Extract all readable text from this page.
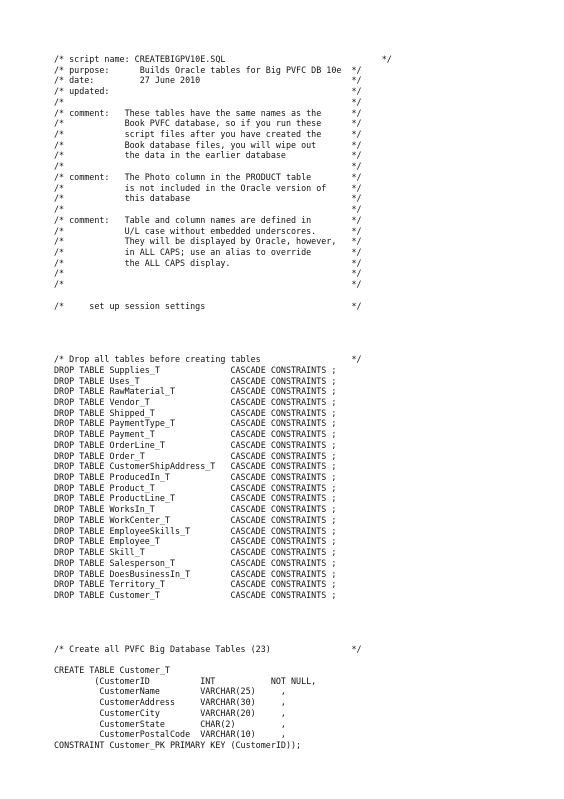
/* script name: CREATEBIGPV10E.SQL                               */
/* purpose:      Builds Oracle tables for Big PVFC DB 10e  */
/* date:         27 June 2010                              */
/* updated:                                                */
/*                                                         */
/* comment:   These tables have the same names as the      */
/*            Book PVFC database, so if you run these      */
/*            script files after you have created the      */
/*            Book database files, you will wipe out       */
/*            the data in the earlier database             */
/*                                                         */
/* comment:   The Photo column in the PRODUCT table        */
/*            is not included in the Oracle version of     */
/*            this database                                */
/*                                                         */
/* comment:   Table and column names are defined in        */
/*            U/L case without embedded underscores.       */
/*            They will be displayed by Oracle, however,   */
/*            in ALL CAPS; use an alias to override        */
/*            the ALL CAPS display.                        */
/*                                                         */
/*                                                         */
/*     set up session settings                             */
/* Drop all tables before creating tables                  */
DROP TABLE Supplies_T              CASCADE CONSTRAINTS ;
DROP TABLE Uses_T                  CASCADE CONSTRAINTS ;
DROP TABLE RawMaterial_T           CASCADE CONSTRAINTS ;
DROP TABLE Vendor_T                CASCADE CONSTRAINTS ;
DROP TABLE Shipped_T               CASCADE CONSTRAINTS ;
DROP TABLE PaymentType_T           CASCADE CONSTRAINTS ;
DROP TABLE Payment_T               CASCADE CONSTRAINTS ;
DROP TABLE OrderLine_T             CASCADE CONSTRAINTS ;
DROP TABLE Order_T                 CASCADE CONSTRAINTS ;
DROP TABLE CustomerShipAddress_T   CASCADE CONSTRAINTS ;
DROP TABLE ProducedIn_T            CASCADE CONSTRAINTS ;
DROP TABLE Product_T               CASCADE CONSTRAINTS ;
DROP TABLE ProductLine_T           CASCADE CONSTRAINTS ;
DROP TABLE WorksIn_T               CASCADE CONSTRAINTS ;
DROP TABLE WorkCenter_T            CASCADE CONSTRAINTS ;
DROP TABLE EmployeeSkills_T        CASCADE CONSTRAINTS ;
DROP TABLE Employee_T              CASCADE CONSTRAINTS ;
DROP TABLE Skill_T                 CASCADE CONSTRAINTS ;
DROP TABLE Salesperson_T           CASCADE CONSTRAINTS ;
DROP TABLE DoesBusinessIn_T        CASCADE CONSTRAINTS ;
DROP TABLE Territory_T             CASCADE CONSTRAINTS ;
DROP TABLE Customer_T              CASCADE CONSTRAINTS ;
/* Create all PVFC Big Database Tables (23)                */
CREATE TABLE Customer_T
(CustomerID          INT           NOT NULL,
CustomerName        VARCHAR(25)     ,
CustomerAddress     VARCHAR(30)     ,
CustomerCity        VARCHAR(20)     ,
CustomerState       CHAR(2)         ,
CustomerPostalCode  VARCHAR(10)     ,
CONSTRAINT Customer_PK PRIMARY KEY (CustomerID));
